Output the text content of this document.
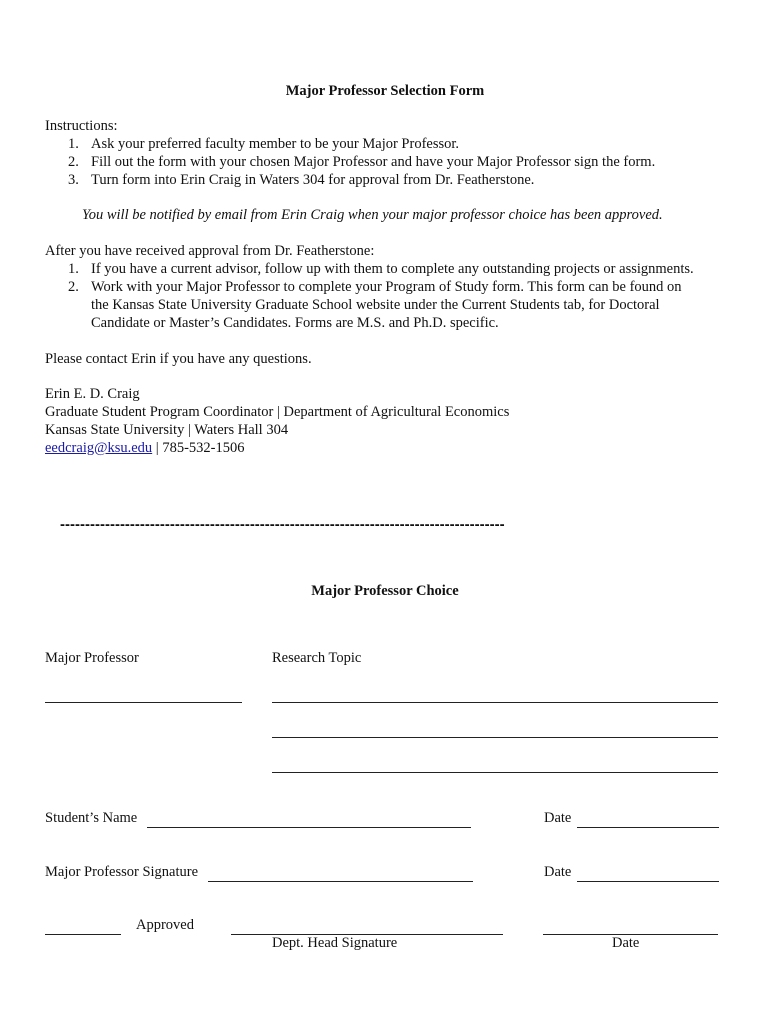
Major Professor Selection Form
Instructions:
1. Ask your preferred faculty member to be your Major Professor.
2. Fill out the form with your chosen Major Professor and have your Major Professor sign the form.
3. Turn form into Erin Craig in Waters 304 for approval from Dr. Featherstone.
You will be notified by email from Erin Craig when your major professor choice has been approved.
After you have received approval from Dr. Featherstone:
1. If you have a current advisor, follow up with them to complete any outstanding projects or assignments.
2. Work with your Major Professor to complete your Program of Study form. This form can be found on
the Kansas State University Graduate School website under the Current Students tab, for Doctoral
Candidate or Master’s Candidates. Forms are M.S. and Ph.D. specific.
Please contact Erin if you have any questions.
Erin E. D. Craig
Graduate Student Program Coordinator | Department of Agricultural Economics
Kansas State University | Waters Hall 304
eedcraig@ksu.edu | 785-532-1506
-----------------------------------------------------------------------------------------
Major Professor Choice
Major Professor	Research Topic
Student’s Name	Date
Major Professor Signature	Date
Approved
Dept. Head Signature	Date
